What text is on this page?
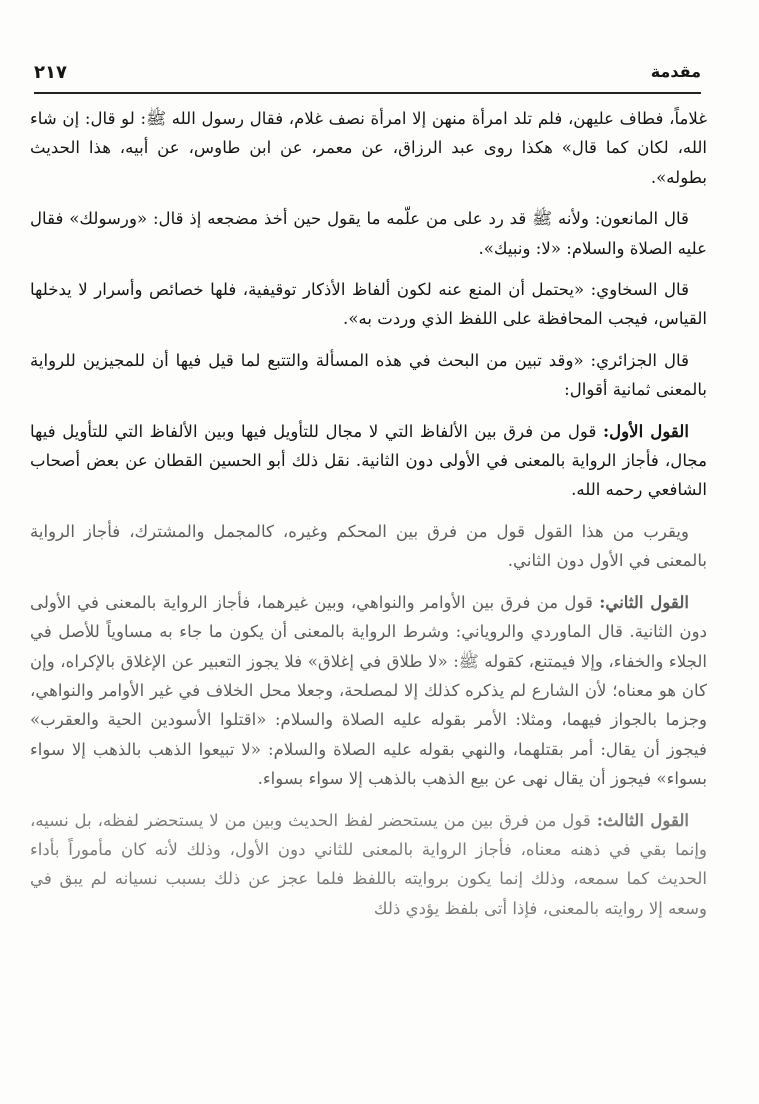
مقدمة
٢١٧

غلاماً، فطاف عليهن، فلم تلد امرأة منهن إلا امرأة نصف غلام، فقال رسول الله ﷺ: لو قال: إن شاء الله، لكان كما قال» هكذا روى عبد الرزاق، عن معمر، عن ابن طاوس، عن أبيه، هذا الحديث بطوله».

قال المانعون: ولأنه ﷺ قد رد على من علّمه ما يقول حين أخذ مضجعه إذ قال: «ورسولك» فقال عليه الصلاة والسلام: «لا: ونبيك».

قال السخاوي: «يحتمل أن المنع عنه لكون ألفاظ الأذكار توقيفية، فلها خصائص وأسرار لا يدخلها القياس، فيجب المحافظة على اللفظ الذي وردت به».

قال الجزائري: «وقد تبين من البحث في هذه المسألة والتتبع لما قيل فيها أن للمجيزين للرواية بالمعنى ثمانية أقوال:

القول الأول: قول من فرق بين الألفاظ التي لا مجال للتأويل فيها وبين الألفاظ التي للتأويل فيها مجال، فأجاز الرواية بالمعنى في الأولى دون الثانية. نقل ذلك أبو الحسين القطان عن بعض أصحاب الشافعي رحمه الله.

ويقرب من هذا القول قول من فرق بين المحكم وغيره، كالمجمل والمشترك، فأجاز الرواية بالمعنى في الأول دون الثاني.

القول الثاني: قول من فرق بين الأوامر والنواهي، وبين غيرهما، فأجاز الرواية بالمعنى في الأولى دون الثانية. قال الماوردي والروياني: وشرط الرواية بالمعنى أن يكون ما جاء به مساوياً للأصل في الجلاء والخفاء، وإلا فيمتنع، كقوله ﷺ: «لا طلاق في إغلاق» فلا يجوز التعبير عن الإغلاق بالإكراه، وإن كان هو معناه؛ لأن الشارع لم يذكره كذلك إلا لمصلحة، وجعلا محل الخلاف في غير الأوامر والنواهي، وجزما بالجواز فيهما، ومثلا: الأمر بقوله عليه الصلاة والسلام: «اقتلوا الأسودين الحية والعقرب» فيجوز أن يقال: أمر بقتلهما، والنهي بقوله عليه الصلاة والسلام: «لا تبيعوا الذهب بالذهب إلا سواء بسواء» فيجوز أن يقال نهى عن بيع الذهب بالذهب إلا سواء بسواء.

القول الثالث: قول من فرق بين من يستحضر لفظ الحديث وبين من لا يستحضر لفظه، بل نسيه، وإنما بقي في ذهنه معناه، فأجاز الرواية بالمعنى للثاني دون الأول، وذلك لأنه كان مأموراً بأداء الحديث كما سمعه، وذلك إنما يكون بروايته باللفظ فلما عجز عن ذلك بسبب نسيانه لم يبق في وسعه إلا روايته بالمعنى، فإذا أتى بلفظ يؤدي ذلك
